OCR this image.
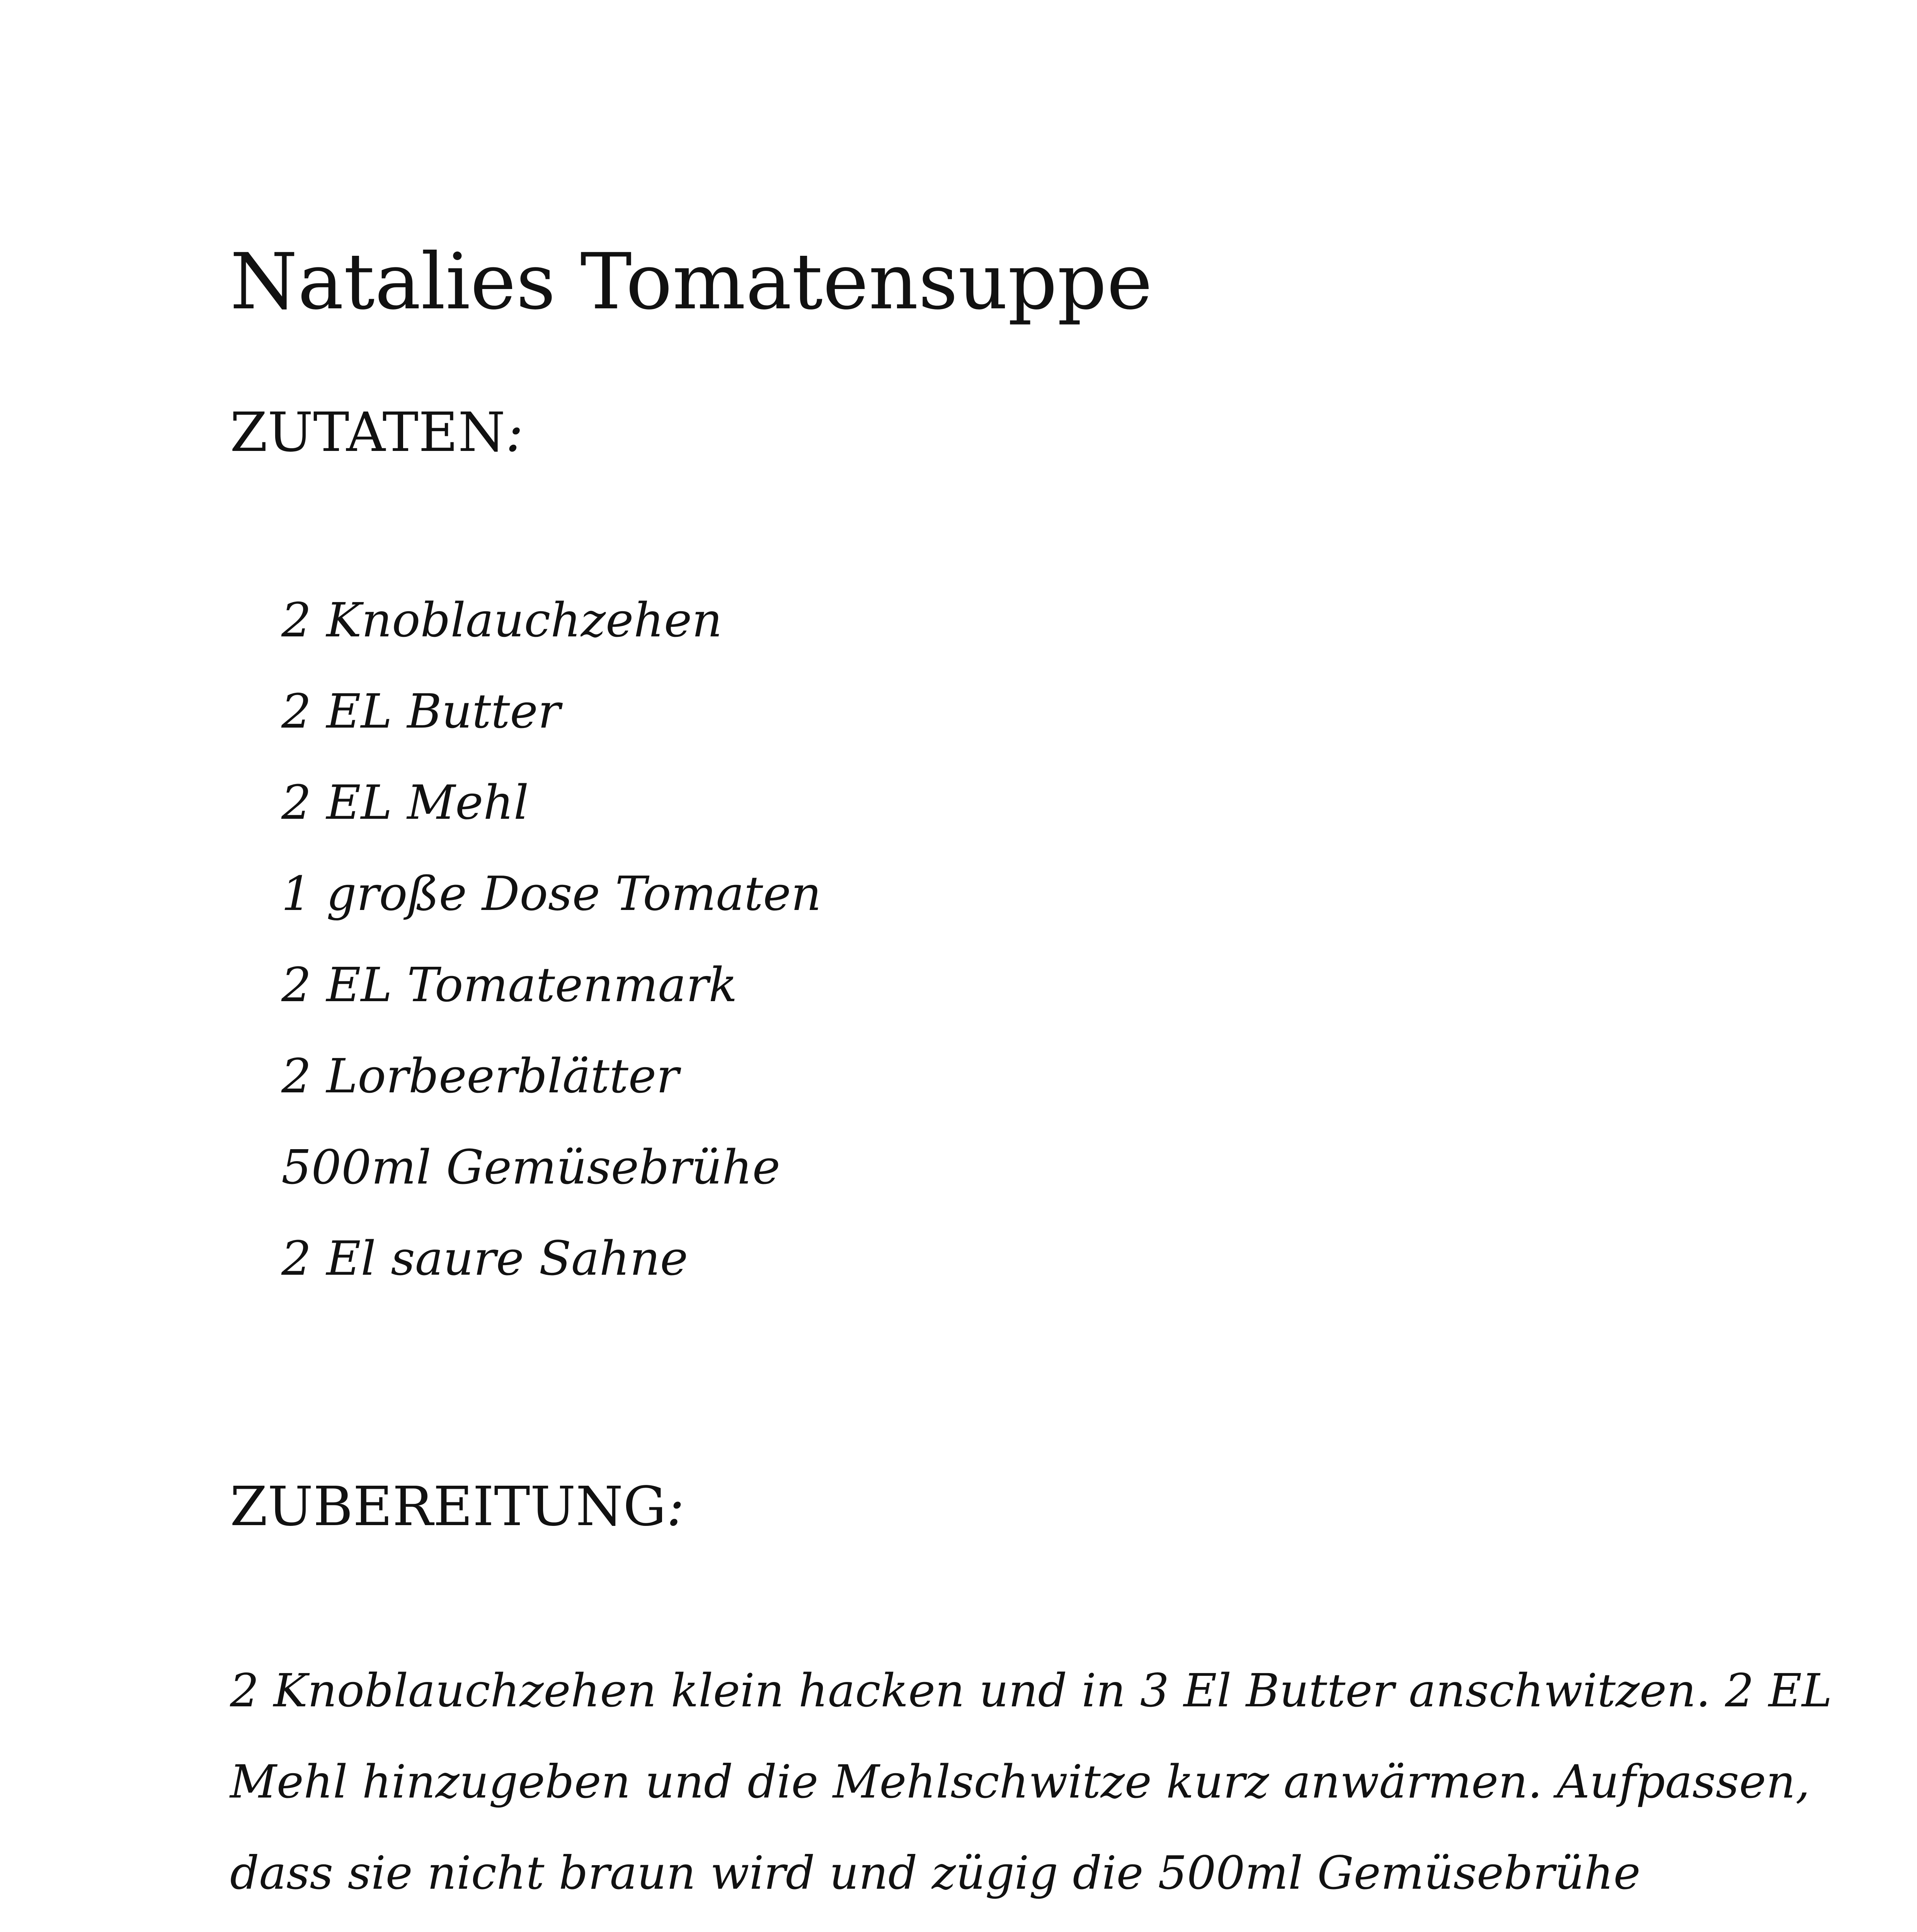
Natalies Tomatensuppe
ZUTATEN:
2 Knoblauchzehen
2 EL Butter
2 EL Mehl
1 große Dose Tomaten
2 EL Tomatenmark
2 Lorbeerblätter
500ml Gemüsebrühe
2 El saure Sahne
ZUBEREITUNG:

2 Knoblauchzehen klein hacken und in 3 El Butter anschwitzen. 2 EL
Mehl hinzugeben und die Mehlschwitze kurz anwärmen. Aufpassen,
dass sie nicht braun wird und zügig die 500ml Gemüsebrühe
